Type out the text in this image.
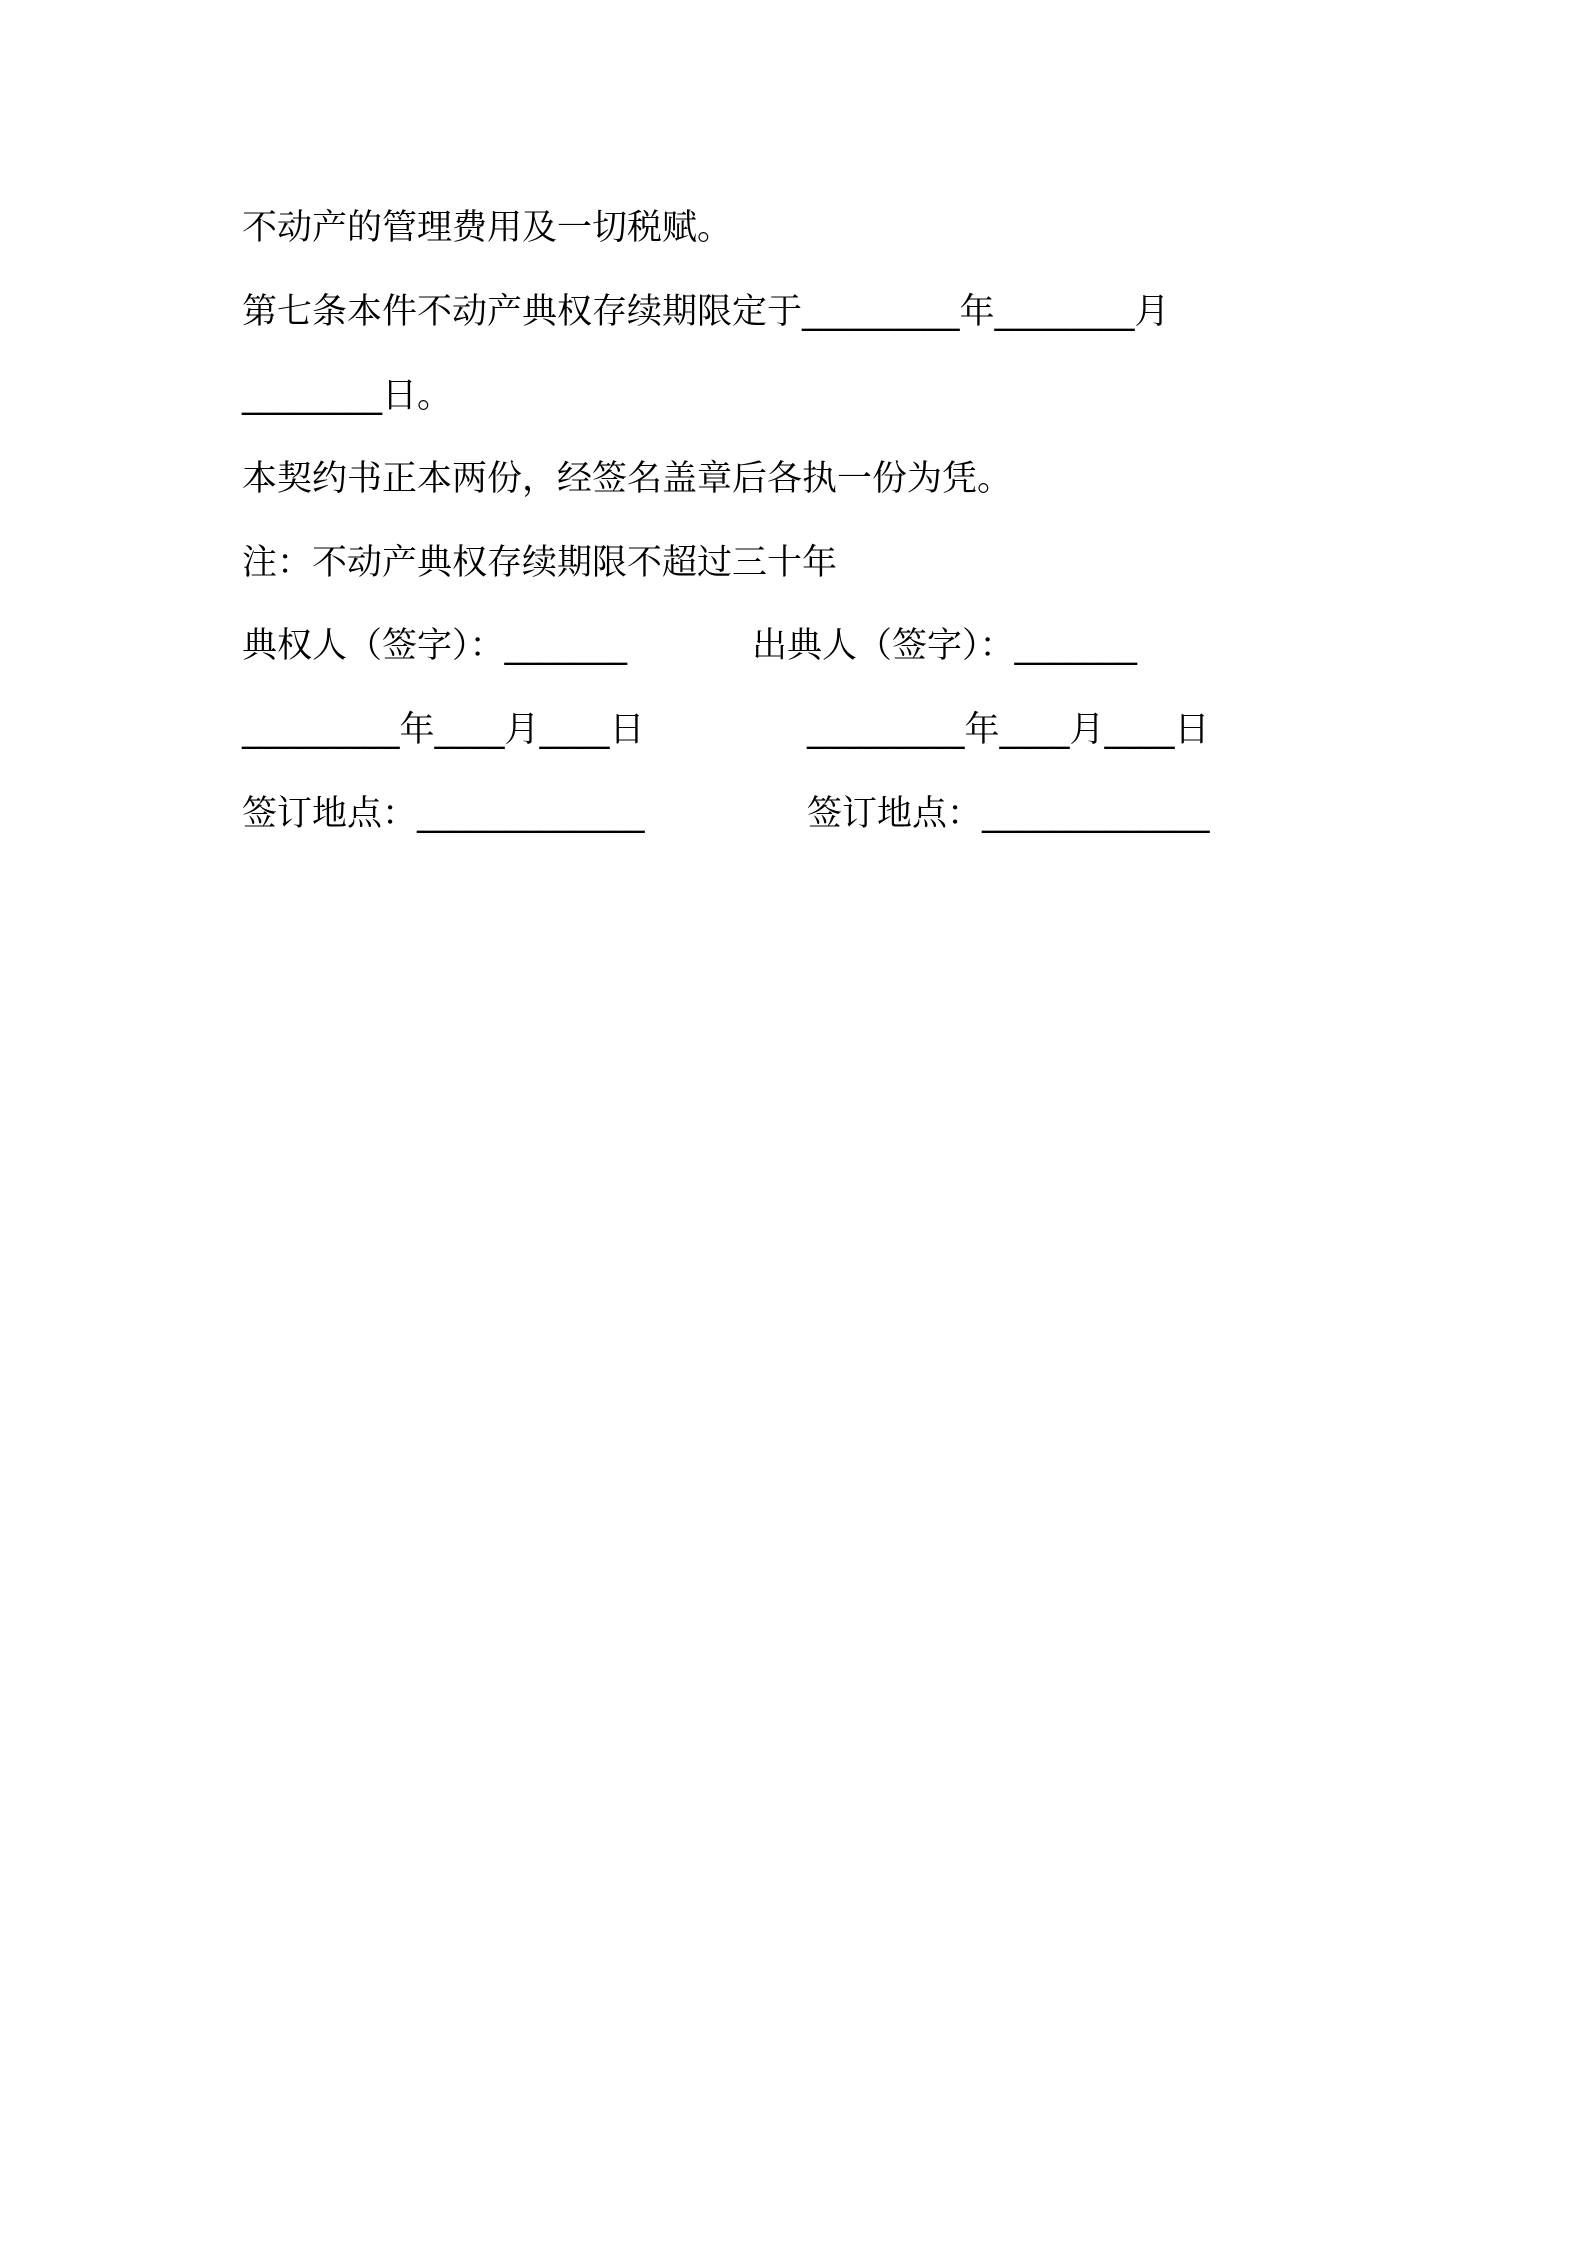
不动产的管理费用及一切税赋。
第七条本件不动产典权存续期限定于_________年________月
________日。
本契约书正本两份，经签名盖章后各执一份为凭。
注：不动产典权存续期限不超过三十年
典权人（签字）：_______	出典人（签字）：_______
_________年____月____日	_________年____月____日
签订地点：_____________	签订地点：_____________
